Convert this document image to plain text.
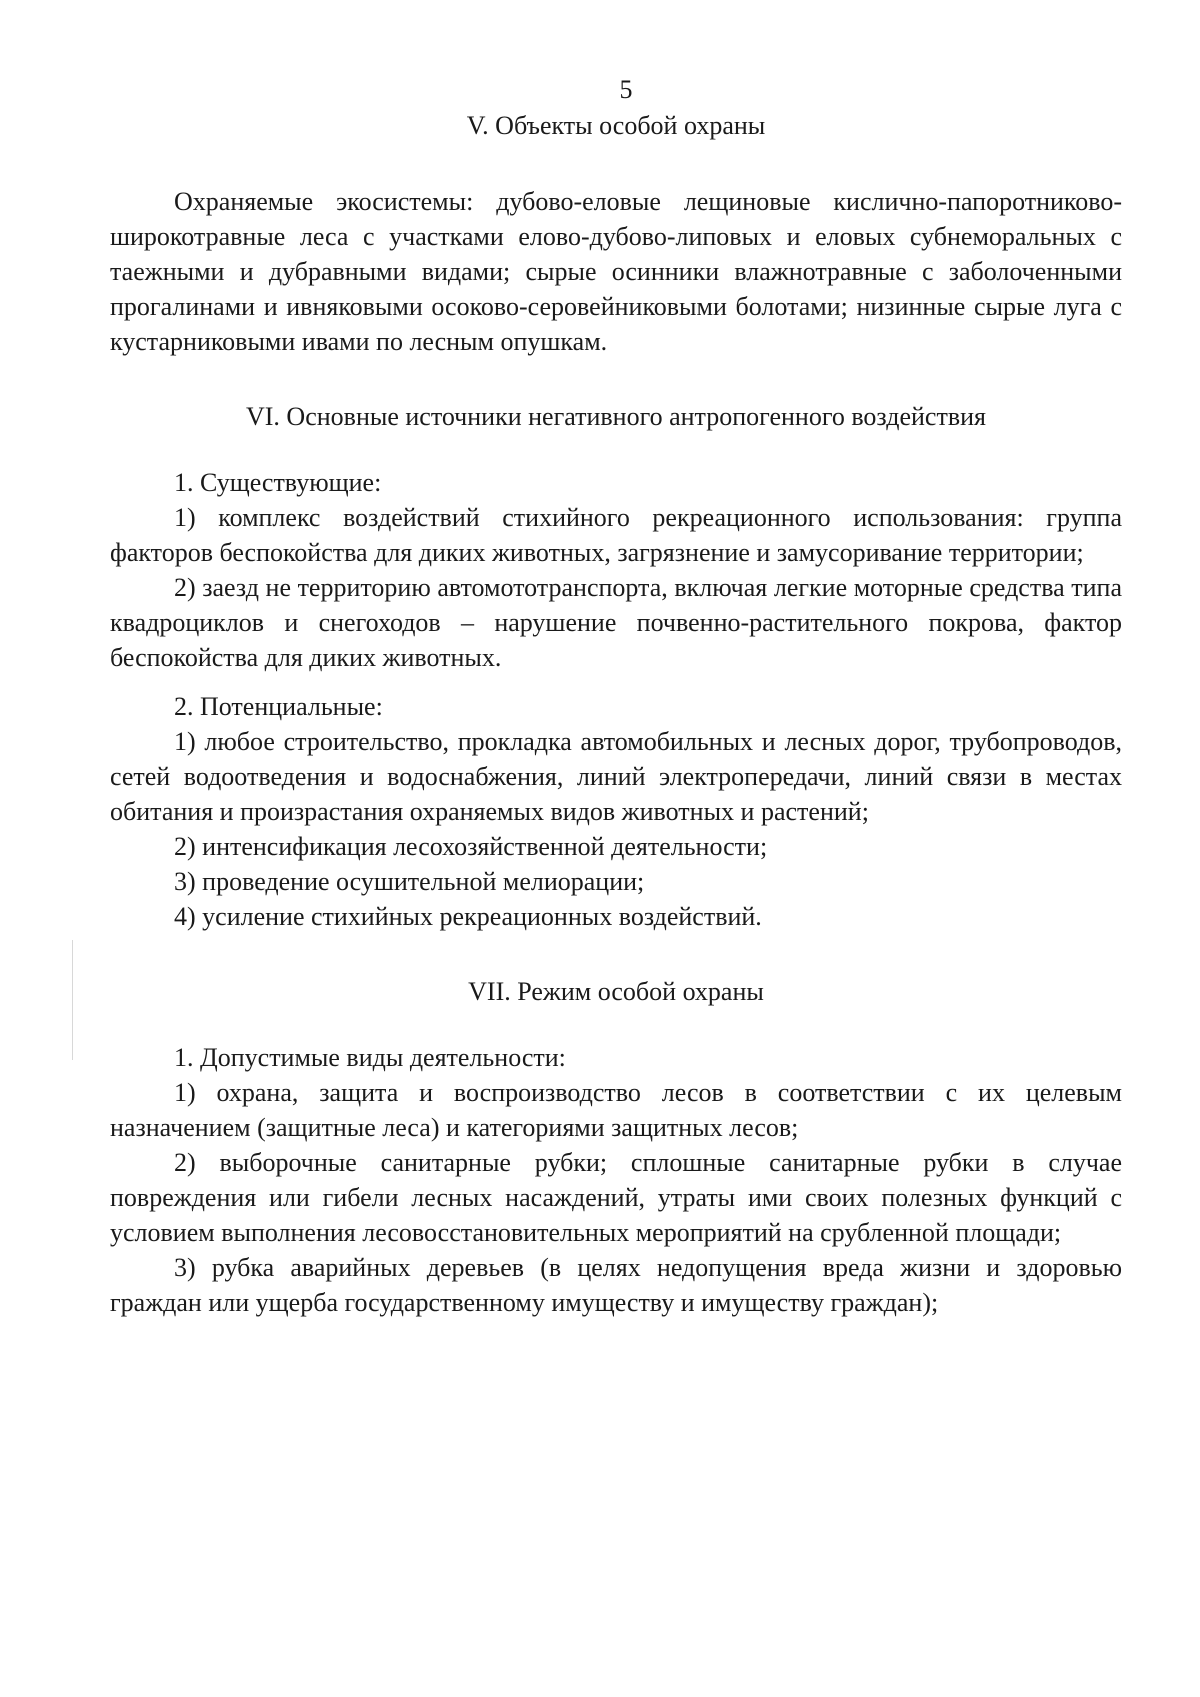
5
V. Объекты особой охраны

Охраняемые экосистемы: дубово-еловые лещиновые кислично-папоротниково-широкотравные леса с участками елово-дубово-липовых и еловых субнеморальных с таежными и дубравными видами; сырые осинники влажнотравные с заболоченными прогалинами и ивняковыми осоково-серовейниковыми болотами; низинные сырые луга с кустарниковыми ивами по лесным опушкам.

VI. Основные источники негативного антропогенного воздействия

1. Существующие:

1) комплекс воздействий стихийного рекреационного использования: группа факторов беспокойства для диких животных, загрязнение и замусоривание территории;

2) заезд не территорию автомототранспорта, включая легкие моторные средства типа квадроциклов и снегоходов – нарушение почвенно-растительного покрова, фактор беспокойства для диких животных.

2. Потенциальные:

1) любое строительство, прокладка автомобильных и лесных дорог, трубопроводов, сетей водоотведения и водоснабжения, линий электропередачи, линий связи в местах обитания и произрастания охраняемых видов животных и растений;

2) интенсификация лесохозяйственной деятельности;

3) проведение осушительной мелиорации;

4) усиление стихийных рекреационных воздействий.

VII. Режим особой охраны

1. Допустимые виды деятельности:

1) охрана, защита и воспроизводство лесов в соответствии с их целевым назначением (защитные леса) и категориями защитных лесов;

2) выборочные санитарные рубки; сплошные санитарные рубки в случае повреждения или гибели лесных насаждений, утраты ими своих полезных функций с условием выполнения лесовосстановительных мероприятий на срубленной площади;

3) рубка аварийных деревьев (в целях недопущения вреда жизни и здоровью граждан или ущерба государственному имуществу и имуществу граждан);
